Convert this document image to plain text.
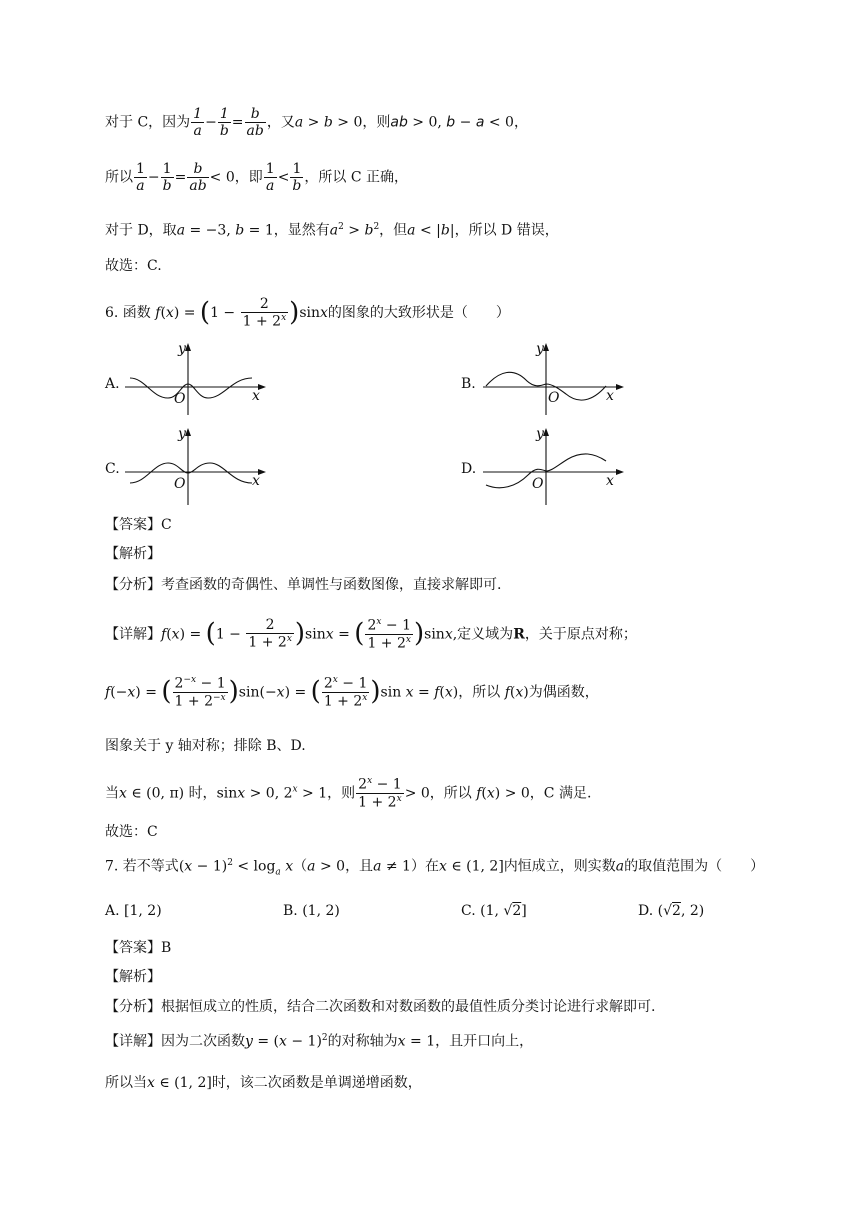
对于 C，因为 $\frac{1}{a} - \frac{1}{b} = \frac{b}{ab}$ ，又a > b > 0，则ab > 0, b − a < 0，
所以 $\frac{1}{a} - \frac{1}{b} = \frac{b}{ab} < 0$，即 $\frac{1}{a} < \frac{1}{b}$ ，所以 C 正确，
对于 D，取a = −3, b = 1，显然有$a^2 > b^2$，但a < |b|，所以 D 错误，
故选：C.
6. 函数 $f(x) = (1 - \frac{2}{1 + 2^x} )\sin x$的图象的大致形状是（　　）
A.
y
x
O
B.
y
x
O
C.
y
x
O
D.
y
x
O
【答案】C
【解析】
【分析】考查函数的奇偶性、单调性与函数图像，直接求解即可.
【详解】$f(x) = (1 - \frac{2}{1 + 2^x} )\sin x$ = ( $\frac{2^x - 1}{1 + 2^x} )\sin x$,定义域为R，关于原点对称；
f(−x) = ( $\frac{2^{-x} - 1}{1 + 2^{-x}} )\sin(-x)$ = ( $\frac{2^x - 1}{1 + 2^x} )\sin$ x = f(x)，所以 f(x)为偶函数，
图象关于 y 轴对称；排除 B、D.
当x ∈ (0, π) 时，sinx > 0, $2^x > 1$，则 $\frac{2^x - 1}{1 + 2^x} > 0$，所以 f(x) > 0，C 满足.
故选：C
7. 若不等式$(x - 1)^2 < \log_a x(a > 0$，且a ≠ 1）在x ∈ (1, 2]内恒成立，则实数a的取值范围为（　　）
A. [1, 2)	B. (1, 2)	C. (1, √2]	D. (√2, 2)
【答案】B
【解析】
【分析】根据恒成立的性质，结合二次函数和对数函数的最值性质分类讨论进行求解即可.
【详解】因为二次函数$y = (x - 1)^2$的对称轴为x = 1，且开口向上，
所以当x ∈ (1, 2]时，该二次函数是单调递增函数，
